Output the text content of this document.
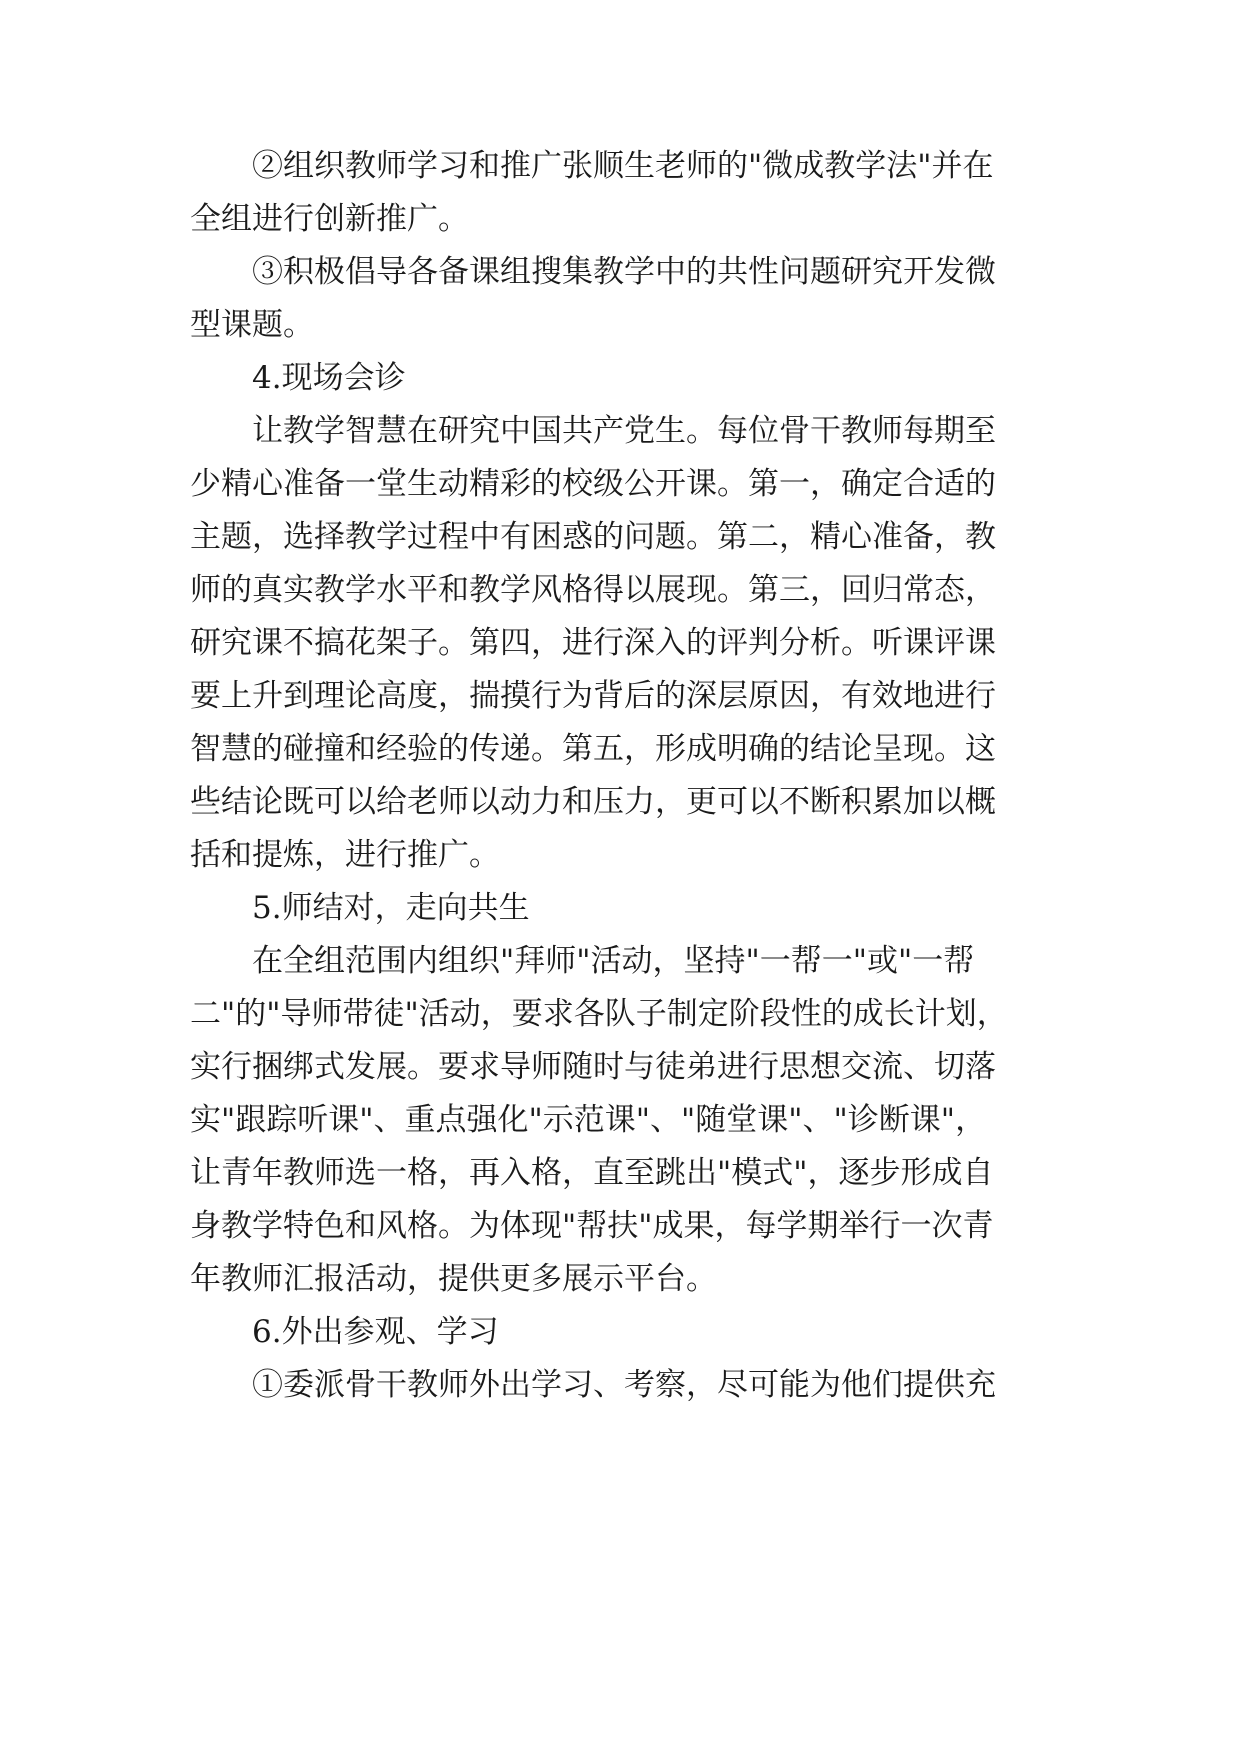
②组织教师学习和推广张顺生老师的"微成教学法"并在
全组进行创新推广。
③积极倡导各备课组搜集教学中的共性问题研究开发微
型课题。
4.现场会诊
让教学智慧在研究中国共产党生。每位骨干教师每期至
少精心准备一堂生动精彩的校级公开课。第一，确定合适的
主题，选择教学过程中有困惑的问题。第二，精心准备，教
师的真实教学水平和教学风格得以展现。第三，回归常态，
研究课不搞花架子。第四，进行深入的评判分析。听课评课
要上升到理论高度，揣摸行为背后的深层原因，有效地进行
智慧的碰撞和经验的传递。第五，形成明确的结论呈现。这
些结论既可以给老师以动力和压力，更可以不断积累加以概
括和提炼，进行推广。
5.师结对，走向共生
在全组范围内组织"拜师"活动，坚持"一帮一"或"一帮
二"的"导师带徒"活动，要求各队子制定阶段性的成长计划，
实行捆绑式发展。要求导师随时与徒弟进行思想交流、切落
实"跟踪听课"、重点强化"示范课"、"随堂课"、"诊断课"，
让青年教师选一格，再入格，直至跳出"模式"，逐步形成自
身教学特色和风格。为体现"帮扶"成果，每学期举行一次青
年教师汇报活动，提供更多展示平台。
6.外出参观、学习
①委派骨干教师外出学习、考察，尽可能为他们提供充
